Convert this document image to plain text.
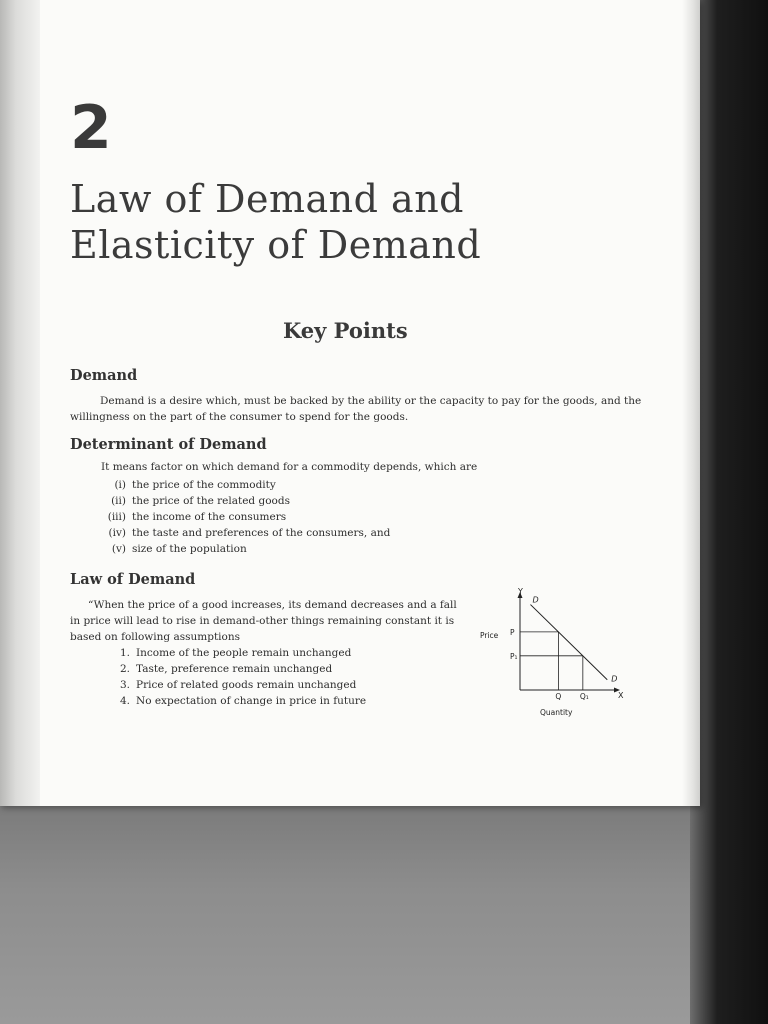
2
Law of Demand and
Elasticity of Demand
Key Points
Demand
Demand is a desire which, must be backed by the ability or the capacity to pay for the goods, and the
willingness on the part of the consumer to spend for the goods.
Determinant of Demand
It means factor on which demand for a commodity depends, which are
(i) the price of the commodity
(ii) the price of the related goods
(iii) the income of the consumers
(iv) the taste and preferences of the consumers, and
(v) size of the population
Law of Demand
“When the price of a good increases, its demand decreases and a fall
in price will lead to rise in demand-other things remaining constant it is
based on following assumptions
1. Income of the people remain unchanged
2. Taste, preference remain unchanged
3. Price of related goods remain unchanged
4. No expectation of change in price in future
Y
X
Price
Quantity
D
D
P
P₁
Q Q₁
